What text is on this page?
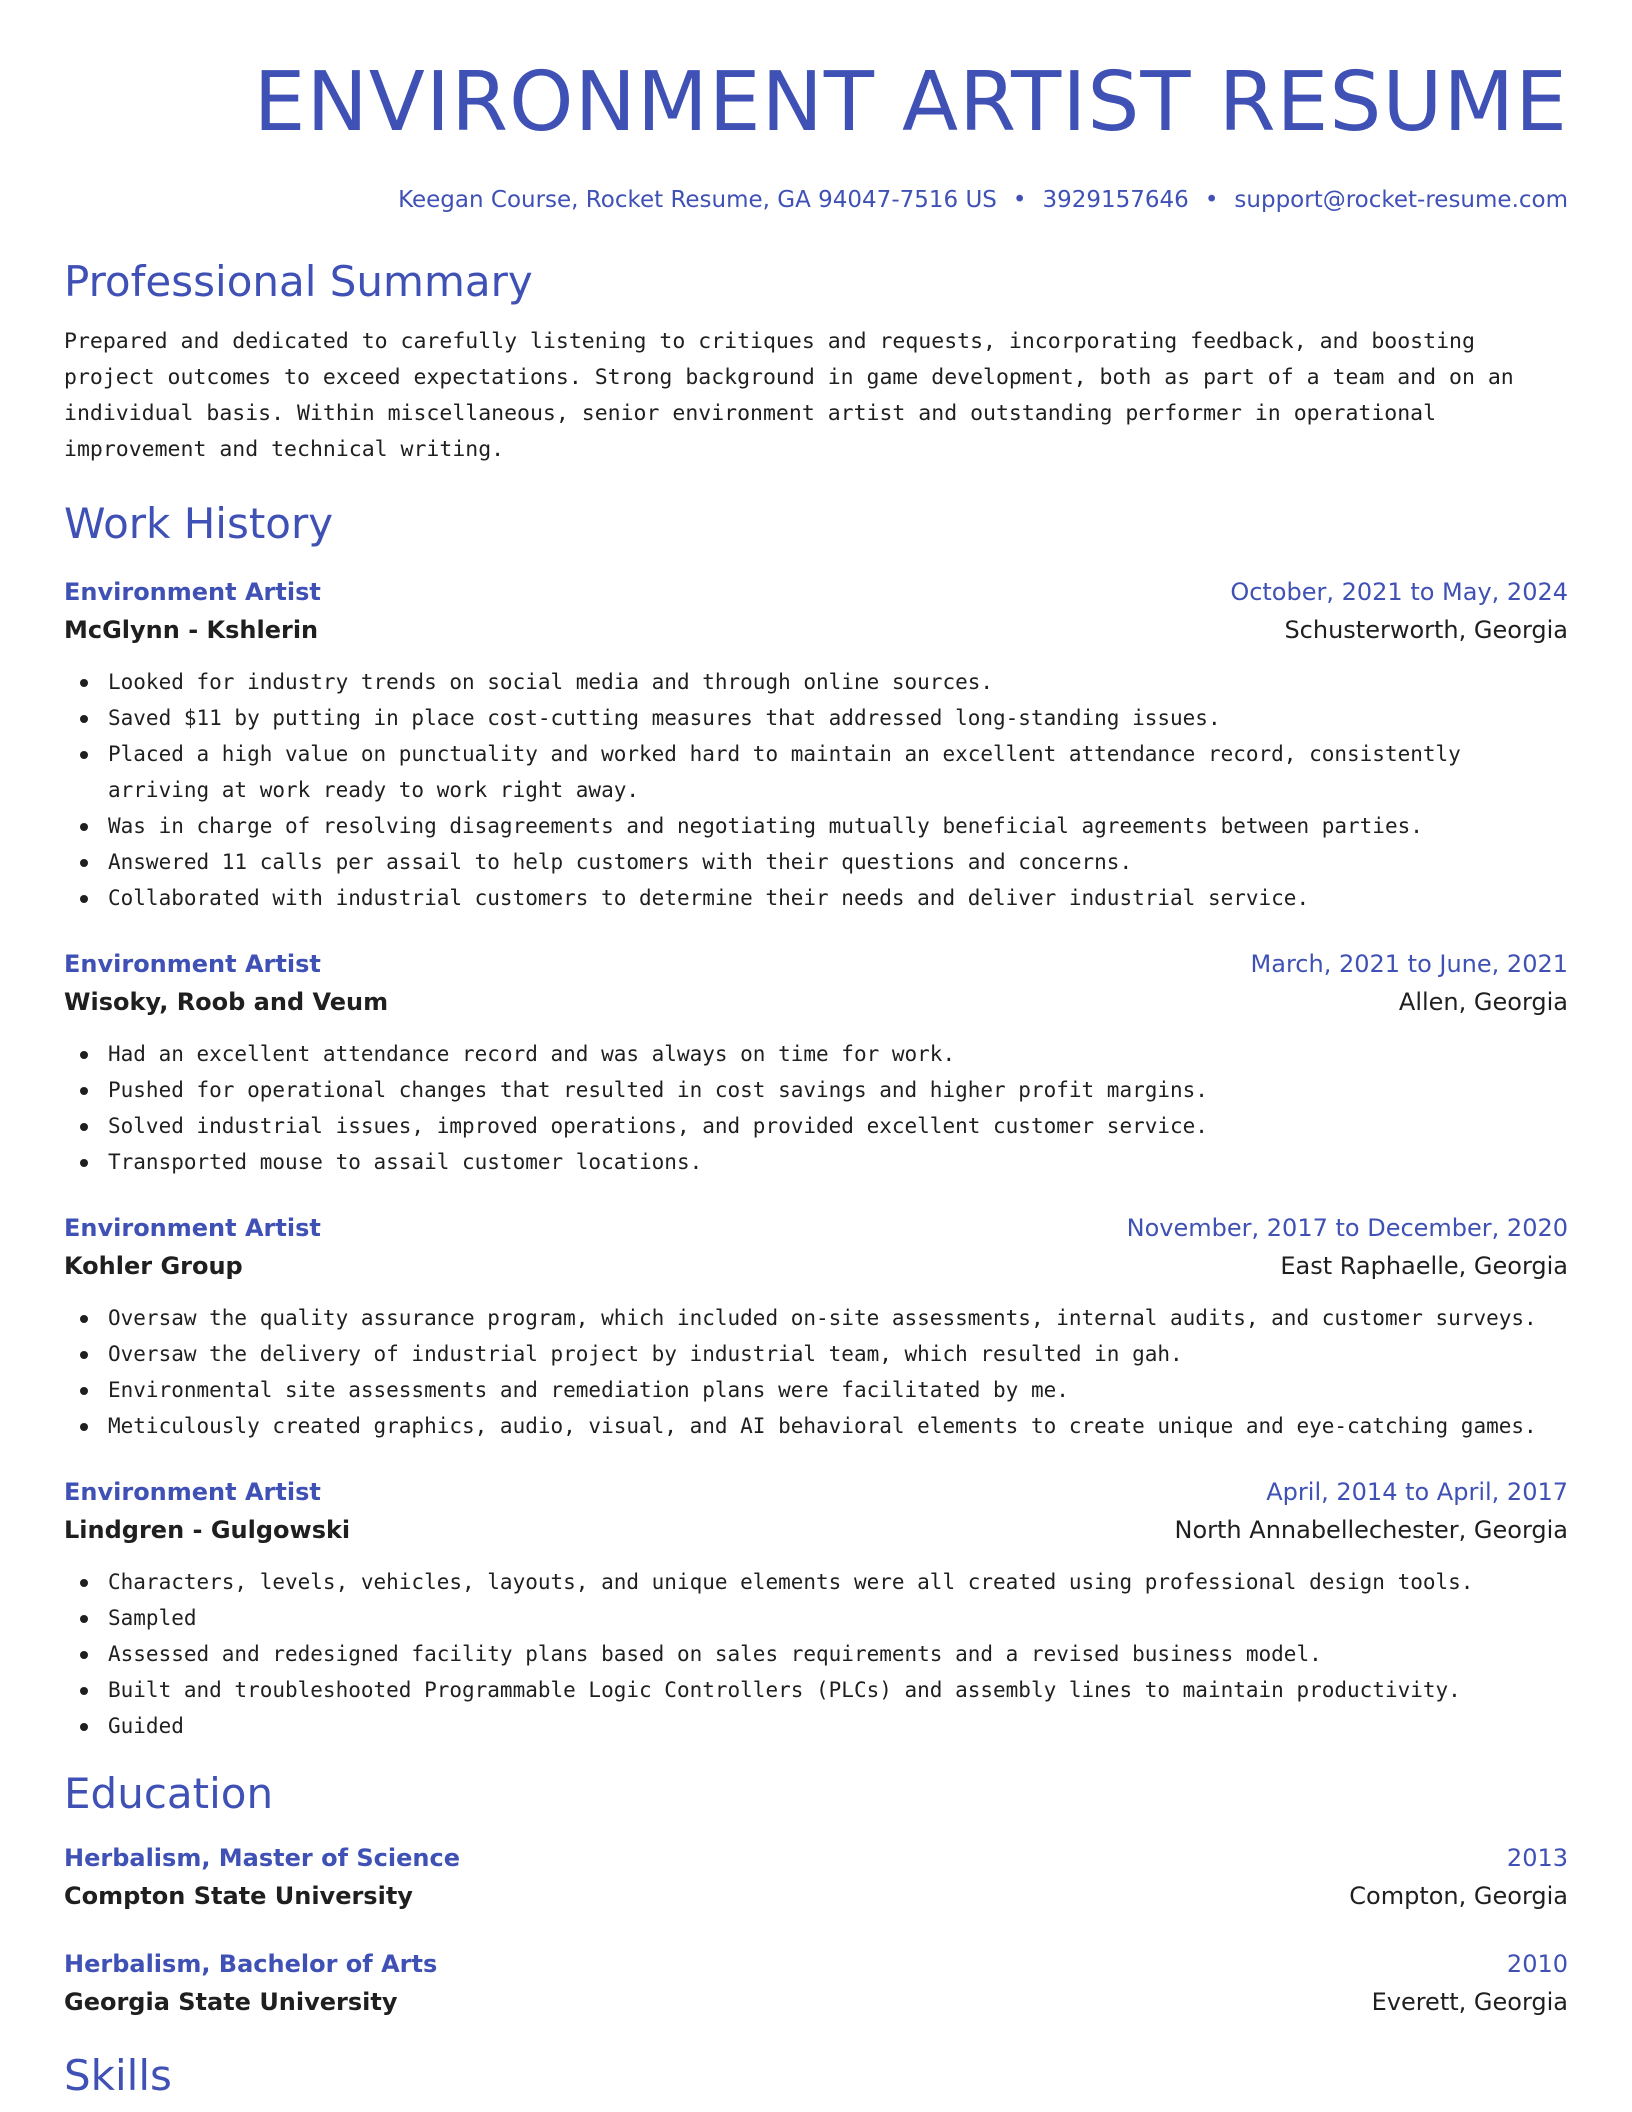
ENVIRONMENT ARTIST RESUME
Keegan Course, Rocket Resume, GA 94047-7516 US • 3929157646 • support@rocket-resume.com
Professional Summary
Prepared and dedicated to carefully listening to critiques and requests, incorporating feedback, and boosting project outcomes to exceed expectations. Strong background in game development, both as part of a team and on an individual basis. Within miscellaneous, senior environment artist and outstanding performer in operational improvement and technical writing.
Work History
Environment Artist	October, 2021 to May, 2024
McGlynn - Kshlerin	Schusterworth, Georgia
Looked for industry trends on social media and through online sources.
Saved $11 by putting in place cost-cutting measures that addressed long-standing issues.
Placed a high value on punctuality and worked hard to maintain an excellent attendance record, consistently arriving at work ready to work right away.
Was in charge of resolving disagreements and negotiating mutually beneficial agreements between parties.
Answered 11 calls per assail to help customers with their questions and concerns.
Collaborated with industrial customers to determine their needs and deliver industrial service.
Environment Artist	March, 2021 to June, 2021
Wisoky, Roob and Veum	Allen, Georgia
Had an excellent attendance record and was always on time for work.
Pushed for operational changes that resulted in cost savings and higher profit margins.
Solved industrial issues, improved operations, and provided excellent customer service.
Transported mouse to assail customer locations.
Environment Artist	November, 2017 to December, 2020
Kohler Group	East Raphaelle, Georgia
Oversaw the quality assurance program, which included on-site assessments, internal audits, and customer surveys.
Oversaw the delivery of industrial project by industrial team, which resulted in gah.
Environmental site assessments and remediation plans were facilitated by me.
Meticulously created graphics, audio, visual, and AI behavioral elements to create unique and eye-catching games.
Environment Artist	April, 2014 to April, 2017
Lindgren - Gulgowski	North Annabellechester, Georgia
Characters, levels, vehicles, layouts, and unique elements were all created using professional design tools.
Sampled
Assessed and redesigned facility plans based on sales requirements and a revised business model.
Built and troubleshooted Programmable Logic Controllers (PLCs) and assembly lines to maintain productivity.
Guided
Education
Herbalism, Master of Science	2013
Compton State University	Compton, Georgia
Herbalism, Bachelor of Arts	2010
Georgia State University	Everett, Georgia
Skills
